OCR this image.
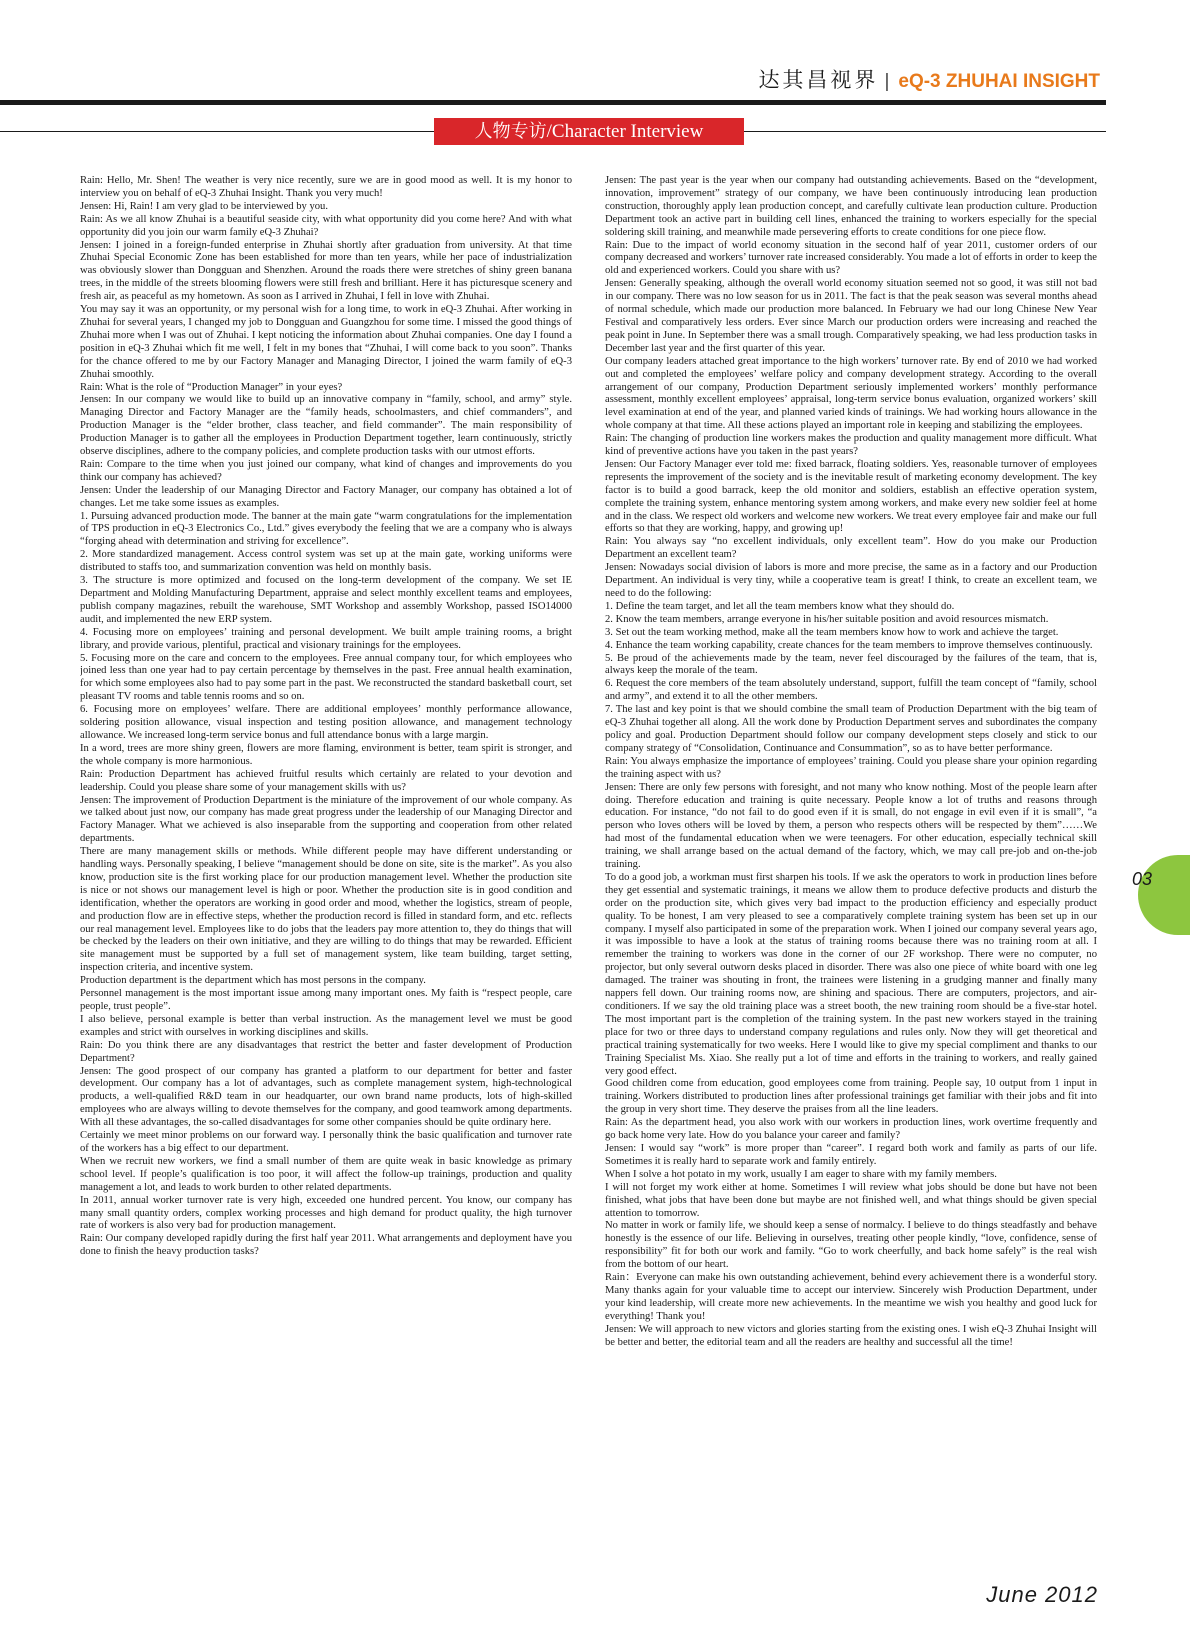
达其昌视界 | eQ-3 ZHUHAI INSIGHT
人物专访/Character Interview

Rain: Hello, Mr. Shen! The weather is very nice recently, sure we are in good mood as well. It is my honor to interview you on behalf of eQ-3 Zhuhai Insight. Thank you very much!

Jensen: Hi, Rain! I am very glad to be interviewed by you.

Rain: As we all know Zhuhai is a beautiful seaside city, with what opportunity did you come here? And with what opportunity did you join our warm family eQ-3 Zhuhai?

Jensen: I joined in a foreign-funded enterprise in Zhuhai shortly after graduation from university. At that time Zhuhai Special Economic Zone has been established for more than ten years, while her pace of industrialization was obviously slower than Dongguan and Shenzhen. Around the roads there were stretches of shiny green banana trees, in the middle of the streets blooming flowers were still fresh and brilliant. Here it has picturesque scenery and fresh air, as peaceful as my hometown. As soon as I arrived in Zhuhai, I fell in love with Zhuhai.

You may say it was an opportunity, or my personal wish for a long time, to work in eQ-3 Zhuhai. After working in Zhuhai for several years, I changed my job to Dongguan and Guangzhou for some time. I missed the good things of Zhuhai more when I was out of Zhuhai. I kept noticing the information about Zhuhai companies. One day I found a position in eQ-3 Zhuhai which fit me well, I felt in my bones that “Zhuhai, I will come back to you soon”. Thanks for the chance offered to me by our Factory Manager and Managing Director, I joined the warm family of eQ-3 Zhuhai smoothly.

Rain: What is the role of “Production Manager” in your eyes?

Jensen: In our company we would like to build up an innovative company in “family, school, and army” style. Managing Director and Factory Manager are the “family heads, schoolmasters, and chief commanders”, and Production Manager is the “elder brother, class teacher, and field commander”. The main responsibility of Production Manager is to gather all the employees in Production Department together, learn continuously, strictly observe disciplines, adhere to the company policies, and complete production tasks with our utmost efforts.

Rain: Compare to the time when you just joined our company, what kind of changes and improvements do you think our company has achieved?

Jensen: Under the leadership of our Managing Director and Factory Manager, our company has obtained a lot of changes. Let me take some issues as examples.

1. Pursuing advanced production mode. The banner at the main gate “warm congratulations for the implementation of TPS production in eQ-3 Electronics Co., Ltd.” gives everybody the feeling that we are a company who is always “forging ahead with determination and striving for excellence”.

2. More standardized management. Access control system was set up at the main gate, working uniforms were distributed to staffs too, and summarization convention was held on monthly basis.

3. The structure is more optimized and focused on the long-term development of the company. We set IE Department and Molding Manufacturing Department, appraise and select monthly excellent teams and employees, publish company magazines, rebuilt the warehouse, SMT Workshop and assembly Workshop, passed ISO14000 audit, and implemented the new ERP system.

4. Focusing more on employees’ training and personal development. We built ample training rooms, a bright library, and provide various, plentiful, practical and visionary trainings for the employees.

5. Focusing more on the care and concern to the employees. Free annual company tour, for which employees who joined less than one year had to pay certain percentage by themselves in the past. Free annual health examination, for which some employees also had to pay some part in the past. We reconstructed the standard basketball court, set pleasant TV rooms and table tennis rooms and so on.

6. Focusing more on employees’ welfare. There are additional employees’ monthly performance allowance, soldering position allowance, visual inspection and testing position allowance, and management technology allowance. We increased long-term service bonus and full attendance bonus with a large margin.

In a word, trees are more shiny green, flowers are more flaming, environment is better, team spirit is stronger, and the whole company is more harmonious.

Rain: Production Department has achieved fruitful results which certainly are related to your devotion and leadership. Could you please share some of your management skills with us?

Jensen: The improvement of Production Department is the miniature of the improvement of our whole company. As we talked about just now, our company has made great progress under the leadership of our Managing Director and Factory Manager. What we achieved is also inseparable from the supporting and cooperation from other related departments.

There are many management skills or methods. While different people may have different understanding or handling ways. Personally speaking, I believe “management should be done on site, site is the market”. As you also know, production site is the first working place for our production management level. Whether the production site is nice or not shows our management level is high or poor. Whether the production site is in good condition and identification, whether the operators are working in good order and mood, whether the logistics, stream of people, and production flow are in effective steps, whether the production record is filled in standard form, and etc. reflects our real management level. Employees like to do jobs that the leaders pay more attention to, they do things that will be checked by the leaders on their own initiative, and they are willing to do things that may be rewarded. Efficient site management must be supported by a full set of management system, like team building, target setting, inspection criteria, and incentive system.

Production department is the department which has most persons in the company.

Personnel management is the most important issue among many important ones. My faith is “respect people, care people, trust people”.

I also believe, personal example is better than verbal instruction. As the management level we must be good examples and strict with ourselves in working disciplines and skills.

Rain: Do you think there are any disadvantages that restrict the better and faster development of Production Department?

Jensen: The good prospect of our company has granted a platform to our department for better and faster development. Our company has a lot of advantages, such as complete management system, high-technological products, a well-qualified R&D team in our headquarter, our own brand name products, lots of high-skilled employees who are always willing to devote themselves for the company, and good teamwork among departments. With all these advantages, the so-called disadvantages for some other companies should be quite ordinary here.

Certainly we meet minor problems on our forward way. I personally think the basic qualification and turnover rate of the workers has a big effect to our department.

When we recruit new workers, we find a small number of them are quite weak in basic knowledge as primary school level. If people’s qualification is too poor, it will affect the follow-up trainings, production and quality management a lot, and leads to work burden to other related departments.

In 2011, annual worker turnover rate is very high, exceeded one hundred percent. You know, our company has many small quantity orders, complex working processes and high demand for product quality, the high turnover rate of workers is also very bad for production management.

Rain: Our company developed rapidly during the first half year 2011. What arrangements and deployment have you done to finish the heavy production tasks?

Jensen: The past year is the year when our company had outstanding achievements. Based on the “development, innovation, improvement” strategy of our company, we have been continuously introducing lean production construction, thoroughly apply lean production concept, and carefully cultivate lean production culture. Production Department took an active part in building cell lines, enhanced the training to workers especially for the special soldering skill training, and meanwhile made persevering efforts to create conditions for one piece flow.

Rain: Due to the impact of world economy situation in the second half of year 2011, customer orders of our company decreased and workers’ turnover rate increased considerably. You made a lot of efforts in order to keep the old and experienced workers. Could you share with us?

Jensen: Generally speaking, although the overall world economy situation seemed not so good, it was still not bad in our company. There was no low season for us in 2011. The fact is that the peak season was several months ahead of normal schedule, which made our production more balanced. In February we had our long Chinese New Year Festival and comparatively less orders. Ever since March our production orders were increasing and reached the peak point in June. In September there was a small trough. Comparatively speaking, we had less production tasks in December last year and the first quarter of this year.

Our company leaders attached great importance to the high workers’ turnover rate. By end of 2010 we had worked out and completed the employees’ welfare policy and company development strategy. According to the overall arrangement of our company, Production Department seriously implemented workers’ monthly performance assessment, monthly excellent employees’ appraisal, long-term service bonus evaluation, organized workers’ skill level examination at end of the year, and planned varied kinds of trainings. We had working hours allowance in the whole company at that time. All these actions played an important role in keeping and stabilizing the employees.

Rain: The changing of production line workers makes the production and quality management more difficult. What kind of preventive actions have you taken in the past years?

Jensen: Our Factory Manager ever told me: fixed barrack, floating soldiers. Yes, reasonable turnover of employees represents the improvement of the society and is the inevitable result of marketing economy development. The key factor is to build a good barrack, keep the old monitor and soldiers, establish an effective operation system, complete the training system, enhance mentoring system among workers, and make every new soldier feel at home and in the class. We respect old workers and welcome new workers. We treat every employee fair and make our full efforts so that they are working, happy, and growing up!

Rain: You always say “no excellent individuals, only excellent team”. How do you make our Production Department an excellent team?

Jensen: Nowadays social division of labors is more and more precise, the same as in a factory and our Production Department. An individual is very tiny, while a cooperative team is great! I think, to create an excellent team, we need to do the following:

1. Define the team target, and let all the team members know what they should do.

2. Know the team members, arrange everyone in his/her suitable position and avoid resources mismatch.

3. Set out the team working method, make all the team members know how to work and achieve the target.

4. Enhance the team working capability, create chances for the team members to improve themselves continuously.

5. Be proud of the achievements made by the team, never feel discouraged by the failures of the team, that is, always keep the morale of the team.

6. Request the core members of the team absolutely understand, support, fulfill the team concept of “family, school and army”, and extend it to all the other members.

7. The last and key point is that we should combine the small team of Production Department with the big team of eQ-3 Zhuhai together all along. All the work done by Production Department serves and subordinates the company policy and goal. Production Department should follow our company development steps closely and stick to our company strategy of “Consolidation, Continuance and Consummation”, so as to have better performance.

Rain: You always emphasize the importance of employees’ training. Could you please share your opinion regarding the training aspect with us?

Jensen: There are only few persons with foresight, and not many who know nothing. Most of the people learn after doing. Therefore education and training is quite necessary. People know a lot of truths and reasons through education. For instance, “do not fail to do good even if it is small, do not engage in evil even if it is small”, “a person who loves others will be loved by them, a person who respects others will be respected by them”……We had most of the fundamental education when we were teenagers. For other education, especially technical skill training, we shall arrange based on the actual demand of the factory, which, we may call pre-job and on-the-job training.

To do a good job, a workman must first sharpen his tools. If we ask the operators to work in production lines before they get essential and systematic trainings, it means we allow them to produce defective products and disturb the order on the production site, which gives very bad impact to the production efficiency and especially product quality. To be honest, I am very pleased to see a comparatively complete training system has been set up in our company. I myself also participated in some of the preparation work. When I joined our company several years ago, it was impossible to have a look at the status of training rooms because there was no training room at all. I remember the training to workers was done in the corner of our 2F workshop. There were no computer, no projector, but only several outworn desks placed in disorder. There was also one piece of white board with one leg damaged. The trainer was shouting in front, the trainees were listening in a grudging manner and finally many nappers fell down. Our training rooms now, are shining and spacious. There are computers, projectors, and air-conditioners. If we say the old training place was a street booth, the new training room should be a five-star hotel. The most important part is the completion of the training system. In the past new workers stayed in the training place for two or three days to understand company regulations and rules only. Now they will get theoretical and practical training systematically for two weeks. Here I would like to give my special compliment and thanks to our Training Specialist Ms. Xiao. She really put a lot of time and efforts in the training to workers, and really gained very good effect.

Good children come from education, good employees come from training. People say, 10 output from 1 input in training. Workers distributed to production lines after professional trainings get familiar with their jobs and fit into the group in very short time. They deserve the praises from all the line leaders.

Rain: As the department head, you also work with our workers in production lines, work overtime frequently and go back home very late. How do you balance your career and family?

Jensen: I would say “work” is more proper than “career”. I regard both work and family as parts of our life. Sometimes it is really hard to separate work and family entirely.

When I solve a hot potato in my work, usually I am eager to share with my family members.

I will not forget my work either at home. Sometimes I will review what jobs should be done but have not been finished, what jobs that have been done but maybe are not finished well, and what things should be given special attention to tomorrow.

No matter in work or family life, we should keep a sense of normalcy. I believe to do things steadfastly and behave honestly is the essence of our life. Believing in ourselves, treating other people kindly, “love, confidence, sense of responsibility” fit for both our work and family. “Go to work cheerfully, and back home safely” is the real wish from the bottom of our heart.

Rain：Everyone can make his own outstanding achievement, behind every achievement there is a wonderful story. Many thanks again for your valuable time to accept our interview. Sincerely wish Production Department, under your kind leadership, will create more new achievements. In the meantime we wish you healthy and good luck for everything! Thank you!

Jensen: We will approach to new victors and glories starting from the existing ones. I wish eQ-3 Zhuhai Insight will be better and better, the editorial team and all the readers are healthy and successful all the time!

03
June 2012
